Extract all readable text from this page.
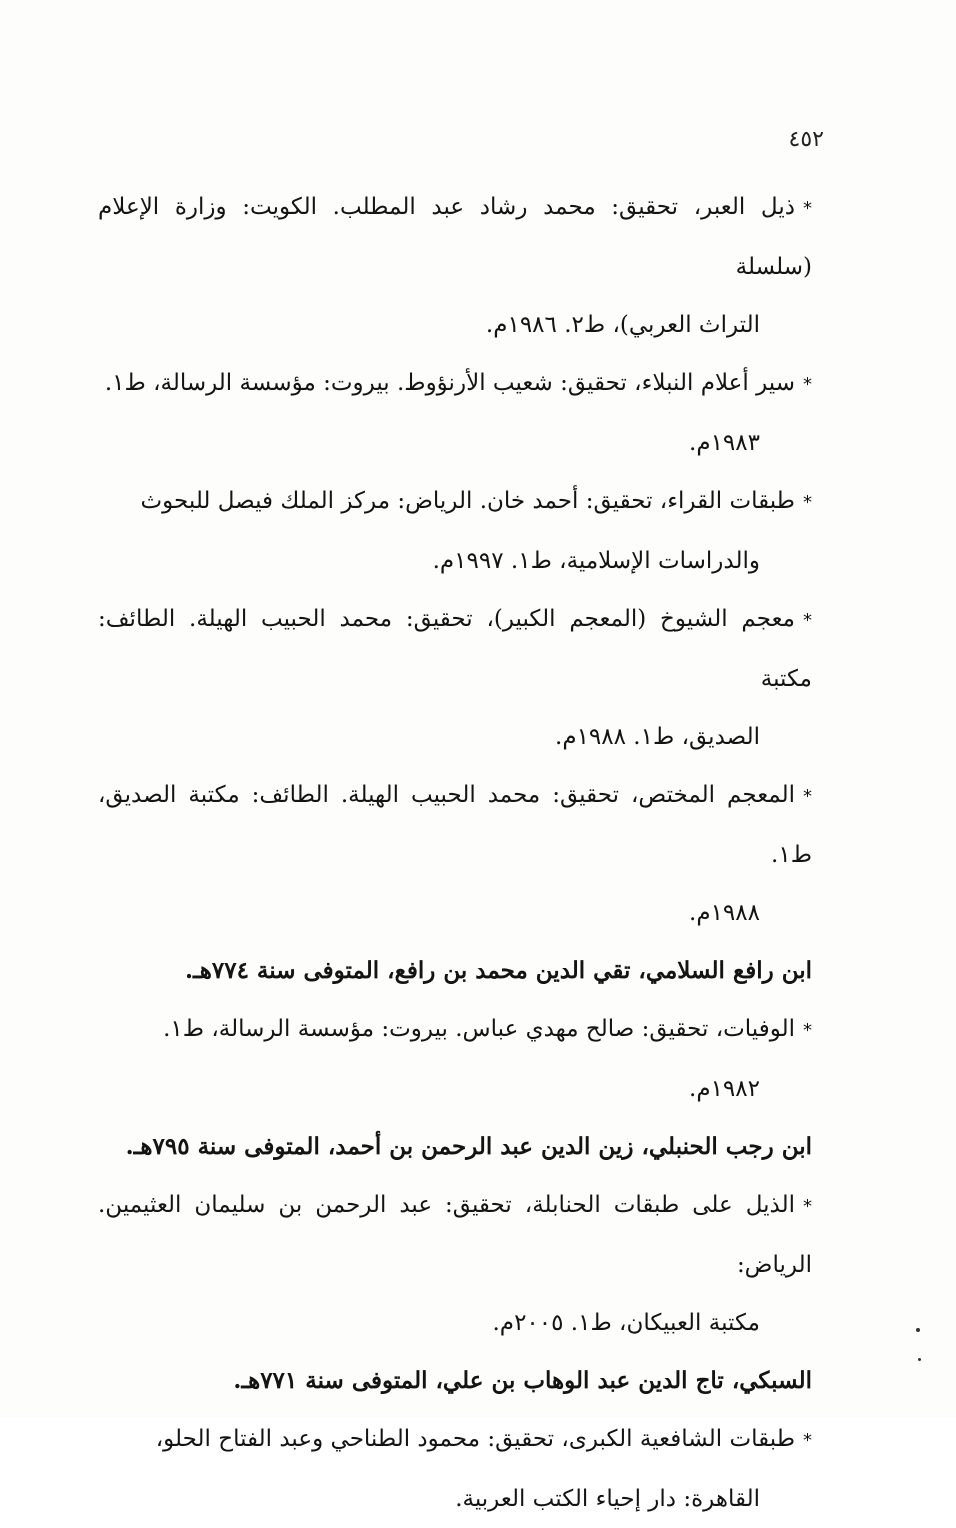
٤٥٢

*ذيل العبر، تحقيق: محمد رشاد عبد المطلب. الكويت: وزارة الإعلام (سلسلة
التراث العربي)، ط٢. ١٩٨٦م.

*سير أعلام النبلاء، تحقيق: شعيب الأرنؤوط. بيروت: مؤسسة الرسالة، ط١.
١٩٨٣م.

*طبقات القراء، تحقيق: أحمد خان. الرياض: مركز الملك فيصل للبحوث
والدراسات الإسلامية، ط١. ١٩٩٧م.

*معجم الشيوخ (المعجم الكبير)، تحقيق: محمد الحبيب الهيلة. الطائف: مكتبة
الصديق، ط١. ١٩٨٨م.

*المعجم المختص، تحقيق: محمد الحبيب الهيلة. الطائف: مكتبة الصديق، ط١.
١٩٨٨م.

ابن رافع السلامي، تقي الدين محمد بن رافع، المتوفى سنة ٧٧٤هـ.

*الوفيات، تحقيق: صالح مهدي عباس. بيروت: مؤسسة الرسالة، ط١.
١٩٨٢م.

ابن رجب الحنبلي، زين الدين عبد الرحمن بن أحمد، المتوفى سنة ٧٩٥هـ.

*الذيل على طبقات الحنابلة، تحقيق: عبد الرحمن بن سليمان العثيمين. الرياض:
مكتبة العبيكان، ط١. ٢٠٠٥م.

السبكي، تاج الدين عبد الوهاب بن علي، المتوفى سنة ٧٧١هـ.

*طبقات الشافعية الكبرى، تحقيق: محمود الطناحي وعبد الفتاح الحلو،
القاهرة: دار إحياء الكتب العربية.
